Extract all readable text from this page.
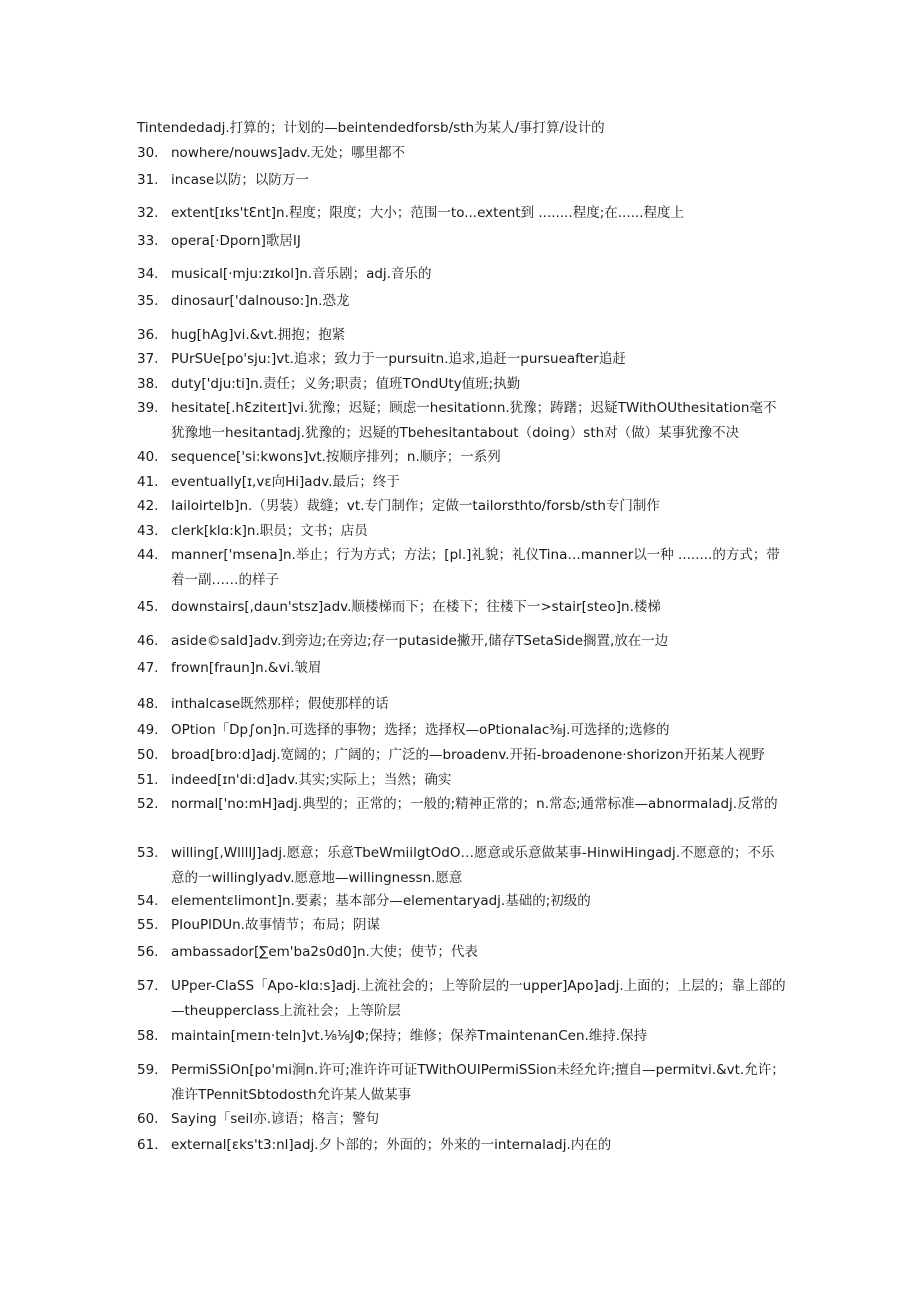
Tintendedadj.打算的；计划的—beintendedforsb/sth为某人/事打算/设计的
30. nowhere/nouws]adv.无处；哪里都不
31. incase以防；以防万一
32. extent[ɪks'tƐnt]n.程度；限度；大小；范围一to...extent到 ........程度;在......程度上
33. opera[·Dporn]歌居IJ
34. musical[·mju:zɪkol]n.音乐剧；adj.音乐的
35. dinosaur['dalnouso:]n.恐龙
36. hug[hAg]vi.&vt.拥抱；抱紧
37. PUrSUe[po'sju:]vt.追求；致力于一pursuitn.追求,追赶一pursueafter追赶
38. duty['dju:ti]n.责任；义务;职责；值班TOndUty值班;执勤
39. hesitate[.hƐziteɪt]vi.犹豫；迟疑；顾虑一hesitationn.犹豫；踌躇；迟疑TWithOUthesitation毫不犹豫地一hesitantadj.犹豫的；迟疑的Tbehesitantabout（doing）sth对（做）某事犹豫不决
40. sequence['si:kwons]vt.按顺序排列；n.顺序；一系列
41. eventually[ɪ,vε向Hi]adv.最后；终于
42. Iailoirtelb]n.（男装）裁缝；vt.专门制作；定做一tailorsthto/forsb/sth专门制作
43. clerk[klɑ:k]n.职员；文书；店员
44. manner['msena]n.举止；行为方式；方法；[pl.]礼貌；礼仪Tina…manner以一种 ........的方式；带着一副……的样子
45. downstairs[,daun'stsz]adv.顺楼梯而下；在楼下；往楼下一>stair[steo]n.楼梯
46. aside©sald]adv.到旁边;在旁边;存一putaside撇开,储存TSetaSide搁置,放在一边
47. frown[fraun]n.&vi.皱眉
48. inthalcase既然那样；假使那样的话
49. OPtion「Dp∫on]n.可选择的事物；选择；选择权—oPtionaIac⅜j.可选择的;选修的
50. broad[bro:d]adj.宽阔的；广阔的；广泛的—broadenv.开拓-broadenone·shorizon开拓某人视野
51. indeed[ɪn'di:d]adv.其实;实际上；当然；确实
52. normal['no:mH]adj.典型的；正常的；一般的;精神正常的；n.常态;通常标准—abnormaladj.反常的
53. willing[,WlllIJ]adj.愿意；乐意TbeWmiilgtOdO…愿意或乐意做某事-HinwiHingadj.不愿意的；不乐意的一willinglyadv.愿意地—willingnessn.愿意
54. elementɛlimont]n.要素；基本部分—elementaryadj.基础的;初级的
55. PIouPlDUn.故事情节；布局；阴谋
56. ambassador[∑em'ba2s0d0]n.大使；使节；代表
57. UPper-ClaSS「Apo-klɑ:s]adj.上流社会的；上等阶层的一upper]Apo]adj.上面的；上层的；靠上部的—theupperclass上流社会；上等阶层
58. maintain[meɪn·teln]vt.⅛⅛JΦ;保持；维修；保养TmaintenanCen.维持.保持
59. PermiSSiOn[po'mi涧n.许可;准许许可证TWithOUIPermiSSion未经允许;擅自—permitvi.&vt.允许；准许TPennitSbtodosth允许某人做某事
60. Saying「seiI亦.谚语；格言；警句
61. external[ɛks't3:nl]adj.夕卜部的；外面的；外来的一internaladj.内在的
